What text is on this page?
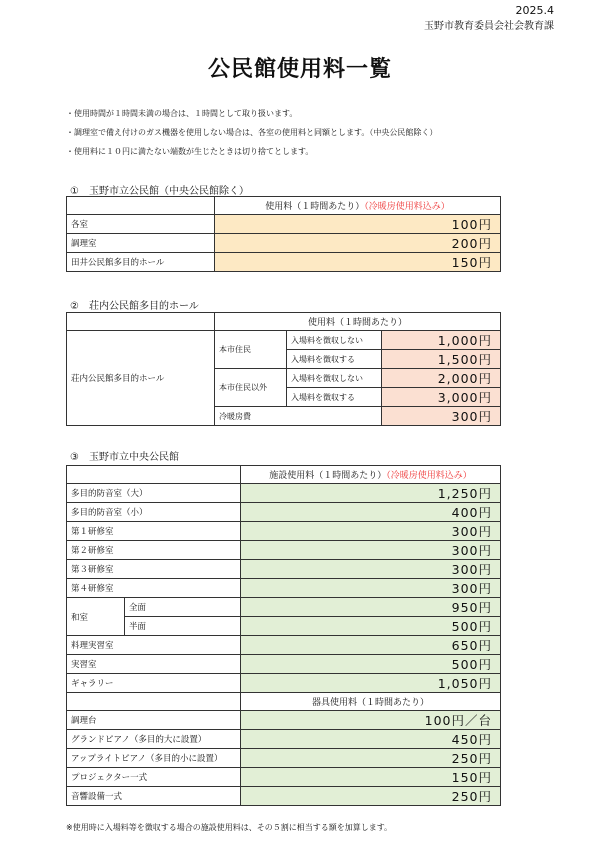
2025.4
玉野市教育委員会社会教育課
公民館使用料一覧
・使用時間が１時間未満の場合は、１時間として取り扱います。
・調理室で備え付けのガス機器を使用しない場合は、各室の使用料と同額とします。（中央公民館除く）
・使用料に１０円に満たない端数が生じたときは切り捨てとします。
①　玉野市立公民館（中央公民館除く）
	使用料（１時間あたり）（冷暖房使用料込み）
各室	100円
調理室	200円
田井公民館多目的ホール	150円
②　荘内公民館多目的ホール
	使用料（１時間あたり）		
荘内公民館多目的ホール	本市住民	入場料を徴収しない	1,000円
		入場料を徴収する	1,500円
	本市住民以外	入場料を徴収しない	2,000円
		入場料を徴収する	3,000円
	冷暖房費		300円
③　玉野市立中央公民館
		施設使用料（１時間あたり）（冷暖房使用料込み）
多目的防音室（大）		1,250円
多目的防音室（小）		400円
第１研修室		300円
第２研修室		300円
第３研修室		300円
第４研修室		300円
和室	全面	950円
	半面	500円
料理実習室		650円
実習室		500円
ギャラリー		1,050円
		器具使用料（１時間あたり）
調理台		100円／台
グランドピアノ（多目的大に設置）		450円
アップライトピアノ（多目的小に設置）		250円
プロジェクター一式		150円
音響設備一式		250円
※使用時に入場料等を徴収する場合の施設使用料は、その５割に相当する額を加算します。
